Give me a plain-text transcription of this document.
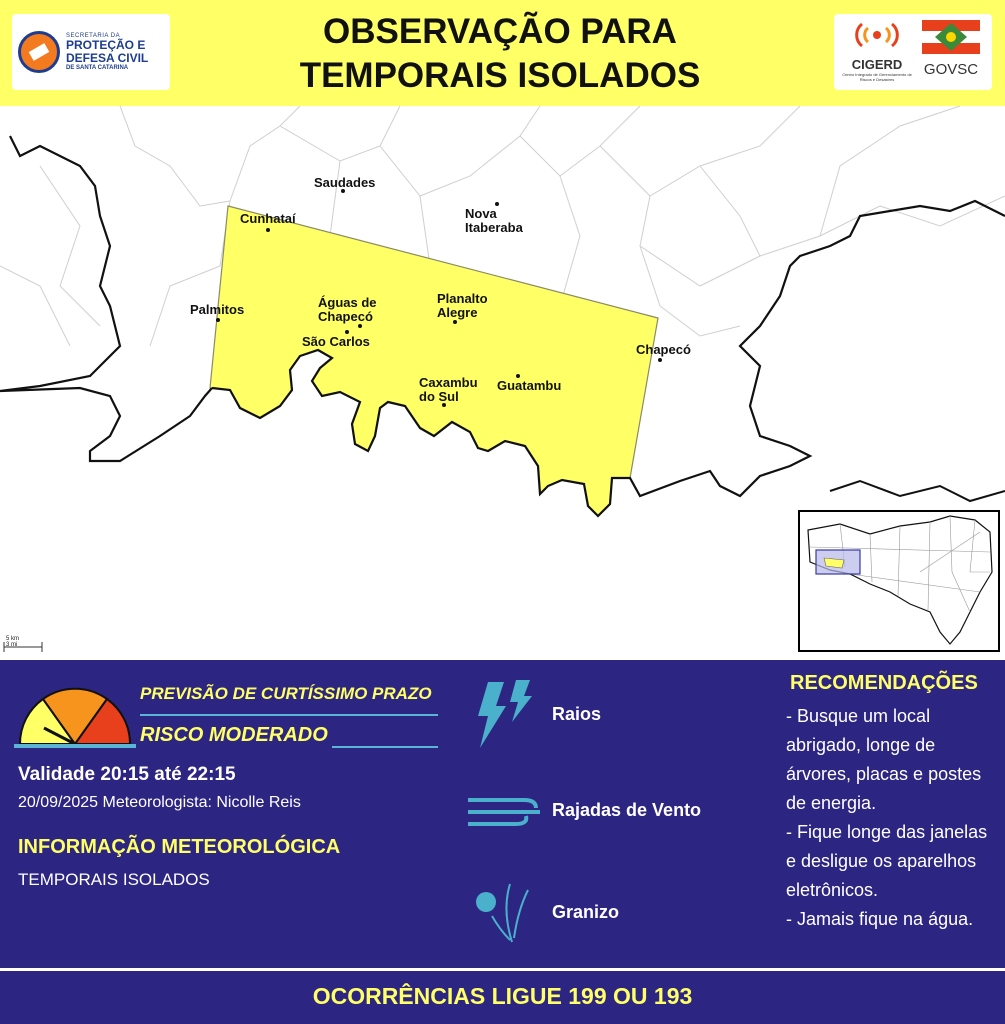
SECRETARIA DA
PROTEÇÃO E
DEFESA CIVIL
DE SANTA CATARINA
OBSERVAÇÃO PARA
TEMPORAIS ISOLADOS	CIGERD
Centro Integrado de Gerenciamento de Riscos e Desastres
GOVSC
Saudades
Nova
Itaberaba
Cunhataí
Palmitos	Águas de
Chapecó
São Carlos
Planalto
Alegre
Chapecó
Caxambu
do Sul
Guatambu
5 km
3 mi
PREVISÃO DE CURTÍSSIMO PRAZO
RISCO MODERADO
Validade 20:15 até 22:15
20/09/2025 Meteorologista: Nicolle Reis
INFORMAÇÃO METEOROLÓGICA
TEMPORAIS ISOLADOS
Raios
Rajadas de Vento
Granizo
RECOMENDAÇÕES
- Busque um local abrigado, longe de árvores, placas e postes de energia.
- Fique longe das janelas e desligue os aparelhos eletrônicos.
- Jamais fique na água.
OCORRÊNCIAS LIGUE 199 OU 193
